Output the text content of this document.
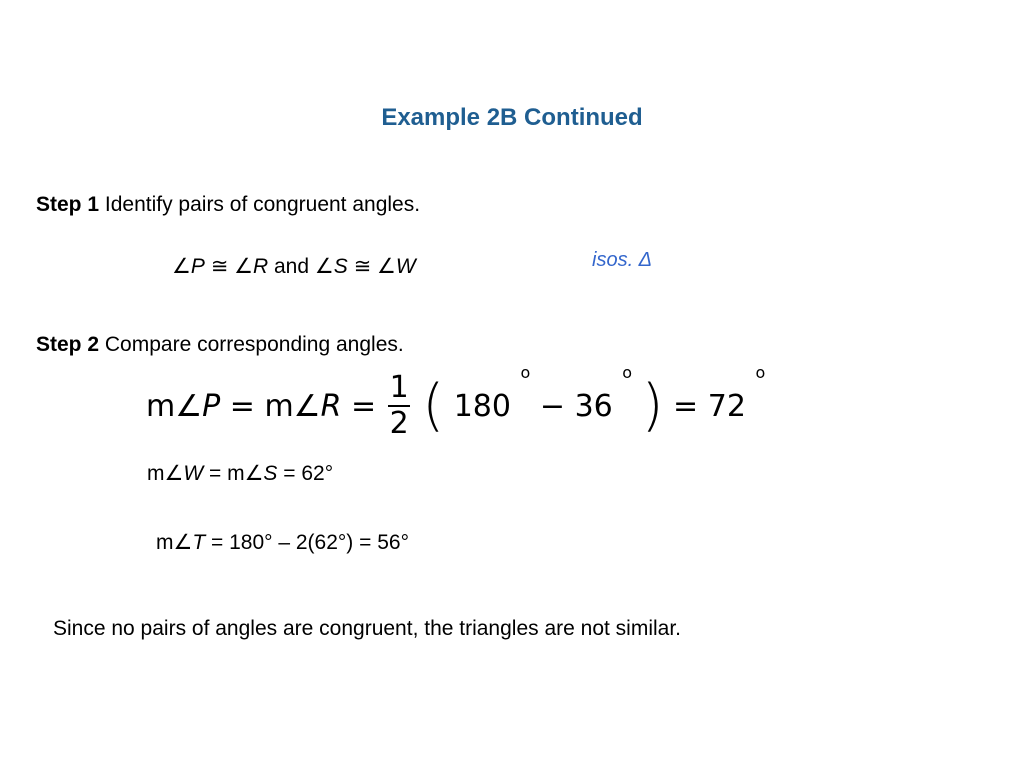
Example 2B Continued
Step 1 Identify pairs of congruent angles.
∠P ≅ ∠R and ∠S ≅ ∠W	isos. Δ
Step 2 Compare corresponding angles.
m∠P = m∠R = $\frac{1}{2}$ ( 180 o − 36 o ) = 72 o
m∠W = m∠S = 62°
m∠T = 180° – 2(62°) = 56°
Since no pairs of angles are congruent, the triangles are not similar.
